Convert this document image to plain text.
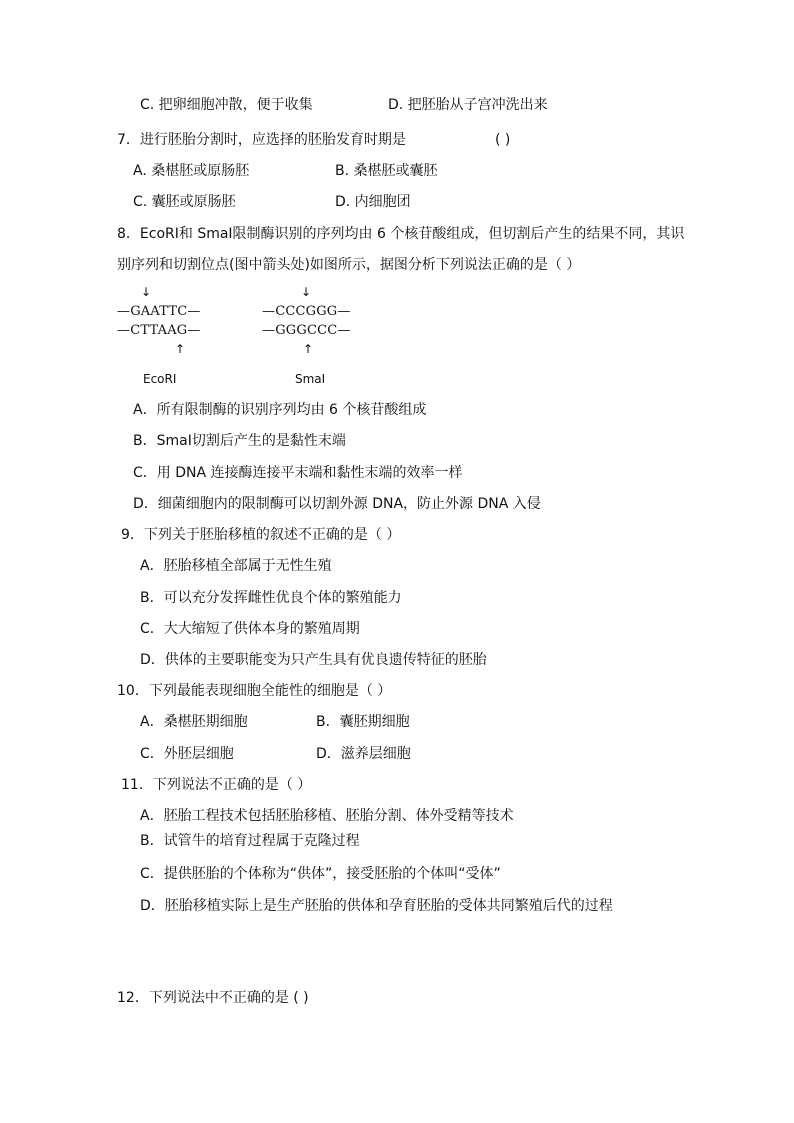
C. 把卵细胞冲散，便于收集	D. 把胚胎从子宫冲洗出来
7．进行胚胎分割时，应选择的胚胎发育时期是	( )
A. 桑椹胚或原肠胚	B. 桑椹胚或囊胚
C. 囊胚或原肠胚	D. 内细胞团
8．EcoRⅠ和 SmaⅠ限制酶识别的序列均由 6 个核苷酸组成，但切割后产生的结果不同，其识
别序列和切割位点(图中箭头处)如图所示，据图分析下列说法正确的是（ ）
↓	↓
—GAATTC—
—CTTAAG—
—CCCGGG—
—GGGCCC—
↑	↑
EcoRⅠ	SmaⅠ
A．所有限制酶的识别序列均由 6 个核苷酸组成
B．SmaⅠ切割后产生的是黏性末端
C．用 DNA 连接酶连接平末端和黏性末端的效率一样
D．细菌细胞内的限制酶可以切割外源 DNA，防止外源 DNA 入侵
9．下列关于胚胎移植的叙述不正确的是（ ）
A．胚胎移植全部属于无性生殖
B．可以充分发挥雌性优良个体的繁殖能力
C．大大缩短了供体本身的繁殖周期
D．供体的主要职能变为只产生具有优良遗传特征的胚胎
10．下列最能表现细胞全能性的细胞是（ ）
A．桑椹胚期细胞	B．囊胚期细胞
C．外胚层细胞	D．滋养层细胞
11．下列说法不正确的是（ ）
A．胚胎工程技术包括胚胎移植、胚胎分割、体外受精等技术
B．试管牛的培育过程属于克隆过程
C．提供胚胎的个体称为“供体”，接受胚胎的个体叫“受体”
D．胚胎移植实际上是生产胚胎的供体和孕育胚胎的受体共同繁殖后代的过程
12．下列说法中不正确的是 ( )
